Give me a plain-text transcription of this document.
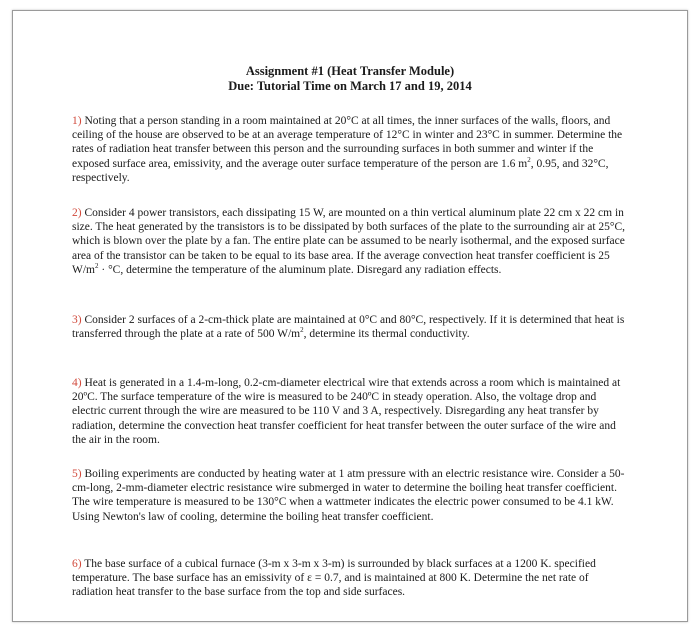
Assignment #1 (Heat Transfer Module)
Due: Tutorial Time on March 17 and 19, 2014
1) Noting that a person standing in a room maintained at 20°C at all times, the inner surfaces of the walls, floors, and ceiling of the house are observed to be at an average temperature of 12°C in winter and 23°C in summer. Determine the rates of radiation heat transfer between this person and the surrounding surfaces in both summer and winter if the exposed surface area, emissivity, and the average outer surface temperature of the person are 1.6 $m^2$, 0.95, and 32°C, respectively.
2) Consider 4 power transistors, each dissipating 15 W, are mounted on a thin vertical aluminum plate 22 cm x 22 cm in size. The heat generated by the transistors is to be dissipated by both surfaces of the plate to the surrounding air at 25°C, which is blown over the plate by a fan. The entire plate can be assumed to be nearly isothermal, and the exposed surface area of the transistor can be taken to be equal to its base area. If the average convection heat transfer coefficient is 25 $W/m^2 \cdot ^\circ C$, determine the temperature of the aluminum plate. Disregard any radiation effects.
3) Consider 2 surfaces of a 2-cm-thick plate are maintained at 0°C and 80°C, respectively. If it is determined that heat is transferred through the plate at a rate of 500 $W/m^2$, determine its thermal conductivity.
4) Heat is generated in a 1.4-m-long, 0.2-cm-diameter electrical wire that extends across a room which is maintained at 20ºC. The surface temperature of the wire is measured to be 240ºC in steady operation. Also, the voltage drop and electric current through the wire are measured to be 110 V and 3 A, respectively. Disregarding any heat transfer by radiation, determine the convection heat transfer coefficient for heat transfer between the outer surface of the wire and the air in the room.
5) Boiling experiments are conducted by heating water at 1 atm pressure with an electric resistance wire. Consider a 50-cm-long, 2-mm-diameter electric resistance wire submerged in water to determine the boiling heat transfer coefficient. The wire temperature is measured to be 130°C when a wattmeter indicates the electric power consumed to be 4.1 kW. Using Newton's law of cooling, determine the boiling heat transfer coefficient.
6) The base surface of a cubical furnace (3-m x 3-m x 3-m) is surrounded by black surfaces at a 1200 K. specified temperature. The base surface has an emissivity of ε = 0.7, and is maintained at 800 K. Determine the net rate of radiation heat transfer to the base surface from the top and side surfaces.
